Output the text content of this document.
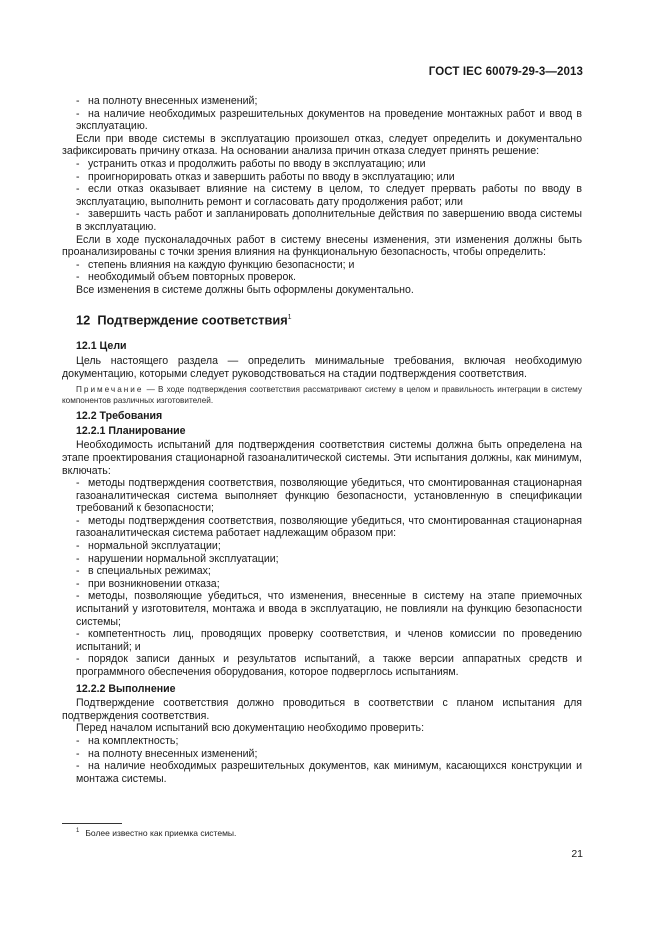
ГОСТ IEC 60079-29-3—2013

- на полноту внесенных изменений;

- на наличие необходимых разрешительных документов на проведение монтажных работ и ввод в эксплуатацию.

Если при вводе системы в эксплуатацию произошел отказ, следует определить и документально зафиксировать причину отказа. На основании анализа причин отказа следует принять решение:

- устранить отказ и продолжить работы по вводу в эксплуатацию; или

- проигнорировать отказ и завершить работы по вводу в эксплуатацию; или

- если отказ оказывает влияние на систему в целом, то следует прервать работы по вводу в эксплуатацию, выполнить ремонт и согласовать дату продолжения работ; или

- завершить часть работ и запланировать дополнительные действия по завершению ввода системы в эксплуатацию.

Если в ходе пусконаладочных работ в систему внесены изменения, эти изменения должны быть проанализированы с точки зрения влияния на функциональную безопасность, чтобы определить:

- степень влияния на каждую функцию безопасности; и

- необходимый объем повторных проверок.

Все изменения в системе должны быть оформлены документально.

12 Подтверждение соответствия$^1$
12.1 Цели

Цель настоящего раздела — определить минимальные требования, включая необходимую документацию, которыми следует руководствоваться на стадии подтверждения соответствия.

Примечание — В ходе подтверждения соответствия рассматривают систему в целом и правильность интеграции в систему компонентов различных изготовителей.

12.2 Требования
12.2.1 Планирование

Необходимость испытаний для подтверждения соответствия системы должна быть определена на этапе проектирования стационарной газоаналитической системы. Эти испытания должны, как минимум, включать:

- методы подтверждения соответствия, позволяющие убедиться, что смонтированная стационарная газоаналитическая система выполняет функцию безопасности, установленную в спецификации требований к безопасности;

- методы подтверждения соответствия, позволяющие убедиться, что смонтированная стационарная газоаналитическая система работает надлежащим образом при:

- нормальной эксплуатации;

- нарушении нормальной эксплуатации;

- в специальных режимах;

- при возникновении отказа;

- методы, позволяющие убедиться, что изменения, внесенные в систему на этапе приемочных испытаний у изготовителя, монтажа и ввода в эксплуатацию, не повлияли на функцию безопасности системы;

- компетентность лиц, проводящих проверку соответствия, и членов комиссии по проведению испытаний; и

- порядок записи данных и результатов испытаний, а также версии аппаратных средств и программного обеспечения оборудования, которое подверглось испытаниям.

12.2.2 Выполнение

Подтверждение соответствия должно проводиться в соответствии с планом испытания для подтверждения соответствия.

Перед началом испытаний всю документацию необходимо проверить:

- на комплектность;

- на полноту внесенных изменений;

- на наличие необходимых разрешительных документов, как минимум, касающихся конструкции и монтажа системы.

$^1$ Более известно как приемка системы.
21
